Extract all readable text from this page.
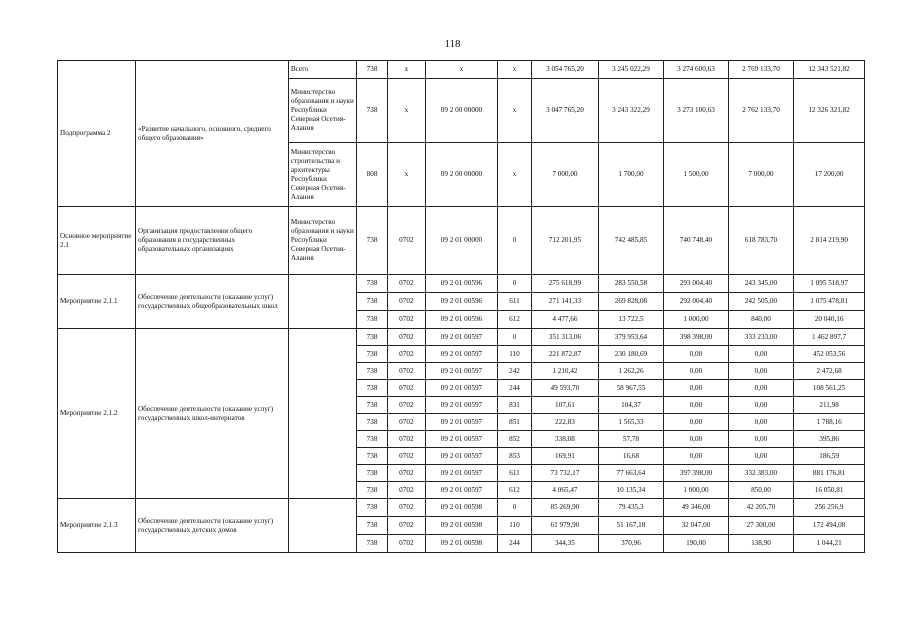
118
Подпрограмма 2	«Развитие начального, основного, среднего общего образования»	Всего	738	х	х	х	3 054 765,20	3 245 022,29	3 274 600,63	2 769 133,70	12 343 521,82
		Министерство образования и науки Республики Северная Осетия-Алания	738	х	09 2 00 00000	х	3 047 765,20	3 243 322,29	3 273 100,63	2 762 133,70	12 326 321,82
		Министерство строительства и архитектуры Республики Северная Осетия-Алания	808	х	09 2 00 00000	х	7 000,00	1 700,00	1 500,00	7 000,00	17 200,00
Основное мероприятие 2.1	Организация предоставления общего образования в государственных образовательных организациях	Министерство образования и науки Республики Северная Осетия-Алания	738	0702	09 2 01 00000	0	712 201,95	742 485,85	740 748,40	618 783,70	2 814 219,90
Мероприятие 2.1.1	Обеспечение деятельности (оказание услуг) государственных общеобразовательных школ		738	0702	09 2 01 00596	0	275 618,99	283 550,58	293 004,40	243 345,00	1 095 518,97
			738	0702	09 2 01 00596	611	271 141,33	269 828,08	292 004,40	242 505,00	1 075 478,81
			738	0702	09 2 01 00596	612	4 477,66	13 722,5	1 000,00	840,00	20 040,16
Мероприятие 2.1.2	Обеспечение деятельности (оказание услуг) государственных школ-интернатов		738	0702	09 2 01 00597	0	351 313,06	379 953,64	398 398,00	333 233,00	1 462 897,7
			738	0702	09 2 01 00597	110	221 872,87	230 180,69	0,00	0,00	452 053,56
			738	0702	09 2 01 00597	242	1 210,42	1 262,26	0,00	0,00	2 472,68
			738	0702	09 2 01 00597	244	49 593,70	58 967,55	0,00	0,00	108 561,25
			738	0702	09 2 01 00597	831	107,61	104,37	0,00	0,00	211,98
			738	0702	09 2 01 00597	851	222,83	1 565,33	0,00	0,00	1 788,16
			738	0702	09 2 01 00597	852	338,08	57,78	0,00	0,00	395,86
			738	0702	09 2 01 00597	853	169,91	16,68	0,00	0,00	186,59
			738	0702	09 2 01 00597	611	73 732,17	77 663,64	397 398,00	332 383,00	881 176,81
			738	0702	09 2 01 00597	612	4 065,47	10 135,34	1 000,00	850,00	16 050,81
Мероприятие 2.1.3	Обеспечение деятельности (оказание услуг) государственных детских домов		738	0702	09 2 01 00598	0	85 269,90	79 435,3	49 346,00	42 205,70	256 256,9
			738	0702	09 2 01 00598	110	61 979,90	51 167,18	32 047,00	27 300,00	172 494,08
			738	0702	09 2 01 00598	244	344,35	370,96	190,00	138,90	1 044,21
